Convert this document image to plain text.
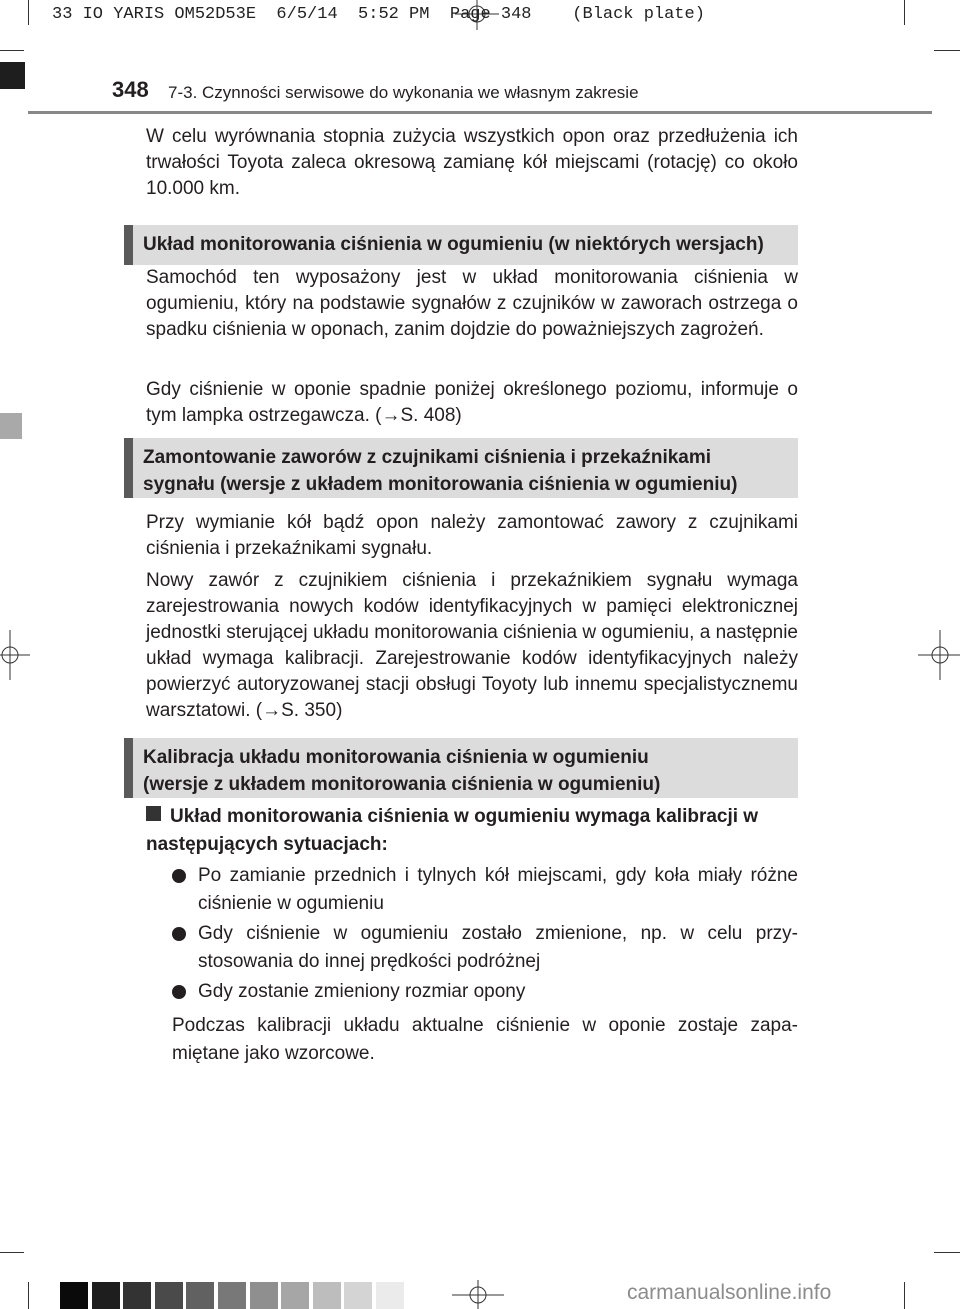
33 IO YARIS OM52D53E  6/5/14  5:52 PM  Page 348    (Black plate)
348 7-3. Czynności serwisowe do wykonania we własnym zakresie

W celu wyrównania stopnia zużycia wszystkich opon oraz przedłużenia ich trwałości Toyota zaleca okresową zamianę kół miejscami (rotację) co około 10.000 km.

Układ monitorowania ciśnienia w ogumieniu (w niektórych wersjach)

Samochód ten wyposażony jest w układ monitorowania ciśnienia w ogumieniu, który na podstawie sygnałów z czujników w zaworach ostrzega o spadku ciśnienia w oponach, zanim dojdzie do poważniejszych zagrożeń.

Gdy ciśnienie w oponie spadnie poniżej określonego poziomu, informuje o tym lampka ostrzegawcza. (→S. 408)

Zamontowanie zaworów z czujnikami ciśnienia i przekaźnikami
sygnału (wersje z układem monitorowania ciśnienia w ogumieniu)

Przy wymianie kół bądź opon należy zamontować zawory z czujnikami ciśnienia i przekaźnikami sygnału.

Nowy zawór z czujnikiem ciśnienia i przekaźnikiem sygnału wymaga zarejestrowania nowych kodów identyfikacyjnych w pamięci elektronicznej jednostki sterującej układu monitorowania ciśnienia w ogumieniu, a następnie układ wymaga kalibracji. Zarejestrowanie kodów identyfikacyjnych należy powierzyć autoryzowanej stacji obsługi Toyoty lub innemu specjalistycznemu warsztatowi. (→S. 350)

Kalibracja układu monitorowania ciśnienia w ogumieniu
(wersje z układem monitorowania ciśnienia w ogumieniu)
Układ monitorowania ciśnienia w ogumieniu wymaga kalibracji w następujących sytuacjach:
Po zamianie przednich i tylnych kół miejscami, gdy koła miały różne ciśnienie w ogumieniu
Gdy ciśnienie w ogumieniu zostało zmienione, np. w celu przystosowania do innej prędkości podróżnej
Gdy zostanie zmieniony rozmiar opony

Podczas kalibracji układu aktualne ciśnienie w oponie zostaje zapamiętane jako wzorcowe.

carmanualsonline.info
